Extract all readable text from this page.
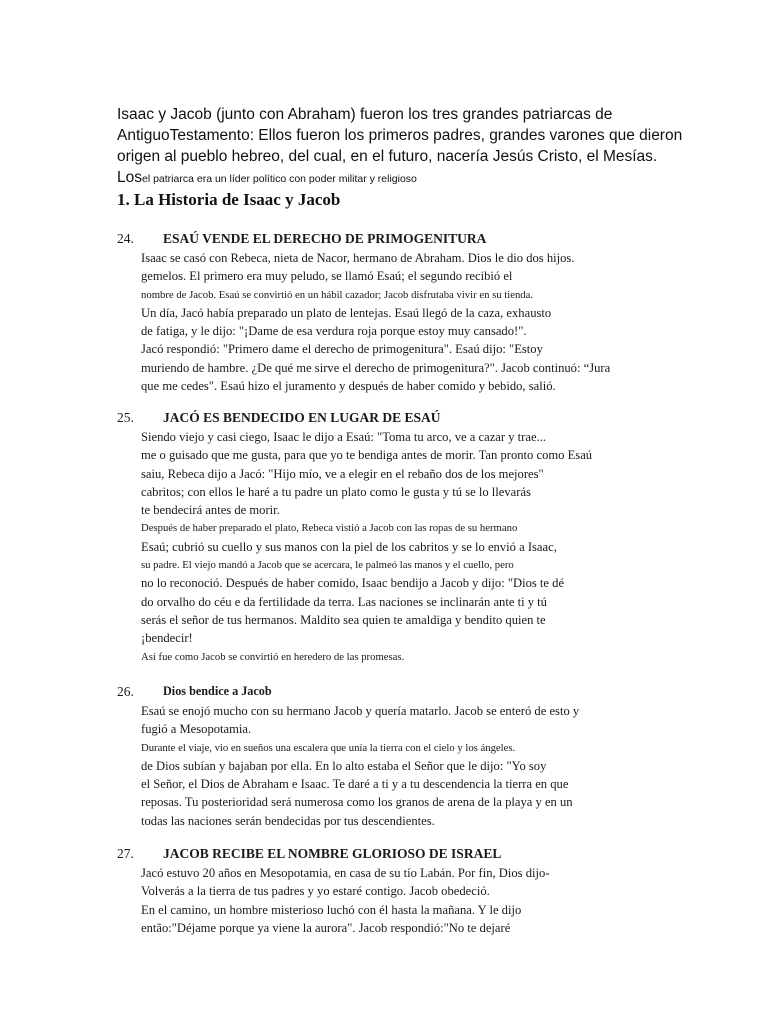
Isaac y Jacob (junto con Abraham) fueron los tres grandes patriarcas de
AntiguoTestamento: Ellos fueron los primeros padres, grandes varones que dieron
origen al pueblo hebreo, del cual, en el futuro, nacería Jesús Cristo, el Mesías.
Losel patriarca era un líder político con poder militar y religioso
1. La Historia de Isaac y Jacob
24. ESAÚ VENDE EL DERECHO DE PRIMOGENITURA
Isaac se casó con Rebeca, nieta de Nacor, hermano de Abraham. Dios le dio dos hijos.
gemelos. El primero era muy peludo, se llamó Esaú; el segundo recibió el
nombre de Jacob. Esaú se convirtió en un hábil cazador; Jacob disfrutaba vivir en su tienda.
Un día, Jacó había preparado un plato de lentejas. Esaú llegó de la caza, exhausto
de fatiga, y le dijo: "¡Dame de esa verdura roja porque estoy muy cansado!".
Jacó respondió: "Primero dame el derecho de primogenitura". Esaú dijo: "Estoy
muriendo de hambre. ¿De qué me sirve el derecho de primogenitura?". Jacob continuó: “Jura
que me cedes". Esaú hizo el juramento y después de haber comido y bebido, salió.
25. JACÓ ES BENDECIDO EN LUGAR DE ESAÚ
Siendo viejo y casi ciego, Isaac le dijo a Esaú: "Toma tu arco, ve a cazar y trae...
me o guisado que me gusta, para que yo te bendiga antes de morir. Tan pronto como Esaú
saiu, Rebeca dijo a Jacó: "Hijo mío, ve a elegir en el rebaño dos de los mejores"
cabritos; con ellos le haré a tu padre un plato como le gusta y tú se lo llevarás
te bendecirá antes de morir.
Después de haber preparado el plato, Rebeca vistió a Jacob con las ropas de su hermano
Esaú; cubrió su cuello y sus manos con la piel de los cabritos y se lo envió a Isaac,
su padre. El viejo mandó a Jacob que se acercara, le palmeó las manos y el cuello, pero
no lo reconoció. Después de haber comido, Isaac bendijo a Jacob y dijo: "Dios te dé
do orvalho do céu e da fertilidade da terra. Las naciones se inclinarán ante ti y tú
serás el señor de tus hermanos. Maldito sea quien te amaldiga y bendito quien te
¡bendecir!
Así fue como Jacob se convirtió en heredero de las promesas.
26. Dios bendice a Jacob
Esaú se enojó mucho con su hermano Jacob y quería matarlo. Jacob se enteró de esto y
fugió a Mesopotamia.
Durante el viaje, vio en sueños una escalera que unía la tierra con el cielo y los ángeles.
de Dios subían y bajaban por ella. En lo alto estaba el Señor que le dijo: "Yo soy
el Señor, el Dios de Abraham e Isaac. Te daré a ti y a tu descendencia la tierra en que
reposas. Tu posterioridad será numerosa como los granos de arena de la playa y en un
todas las naciones serán bendecidas por tus descendientes.
27. JACOB RECIBE EL NOMBRE GLORIOSO DE ISRAEL
Jacó estuvo 20 años en Mesopotamia, en casa de su tío Labán. Por fin, Dios dijo-
Volverás a la tierra de tus padres y yo estaré contigo. Jacob obedeció.
En el camino, un hombre misterioso luchó con él hasta la mañana. Y le dijo
então:"Déjame porque ya viene la aurora". Jacob respondió:"No te dejaré
